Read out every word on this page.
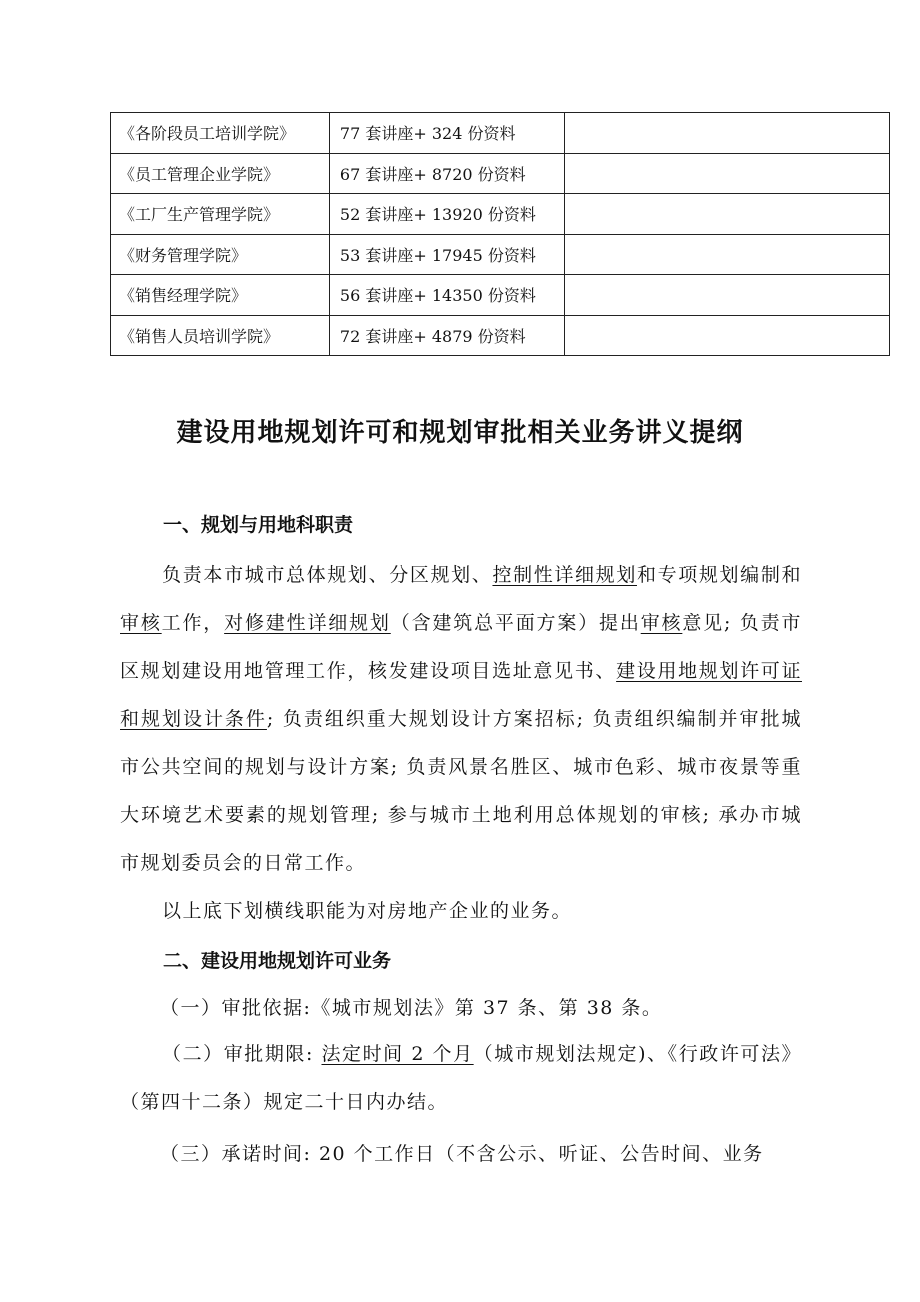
《各阶段员工培训学院》	77 套讲座+ 324 份资料	
《员工管理企业学院》	67 套讲座+ 8720 份资料	
《工厂生产管理学院》	52 套讲座+ 13920 份资料	
《财务管理学院》	53 套讲座+ 17945 份资料	
《销售经理学院》	56 套讲座+ 14350 份资料	
《销售人员培训学院》	72 套讲座+ 4879 份资料	
建设用地规划许可和规划审批相关业务讲义提纲
一、规划与用地科职责

负责本市城市总体规划、分区规划、控制性详细规划和专项规划编制和审核工作，对修建性详细规划（含建筑总平面方案）提出审核意见; 负责市区规划建设用地管理工作，核发建设项目选址意见书、建设用地规划许可证和规划设计条件; 负责组织重大规划设计方案招标; 负责组织编制并审批城市公共空间的规划与设计方案; 负责风景名胜区、城市色彩、城市夜景等重大环境艺术要素的规划管理; 参与城市土地利用总体规划的审核; 承办市城市规划委员会的日常工作。

以上底下划横线职能为对房地产企业的业务。
二、建设用地规划许可业务
（一）审批依据:《城市规划法》第 37 条、第 38 条。

（二）审批期限: 法定时间 2 个月（城市规划法规定)、《行政许可法》（第四十二条）规定二十日内办结。

（三）承诺时间: 20 个工作日（不含公示、听证、公告时间、业务
